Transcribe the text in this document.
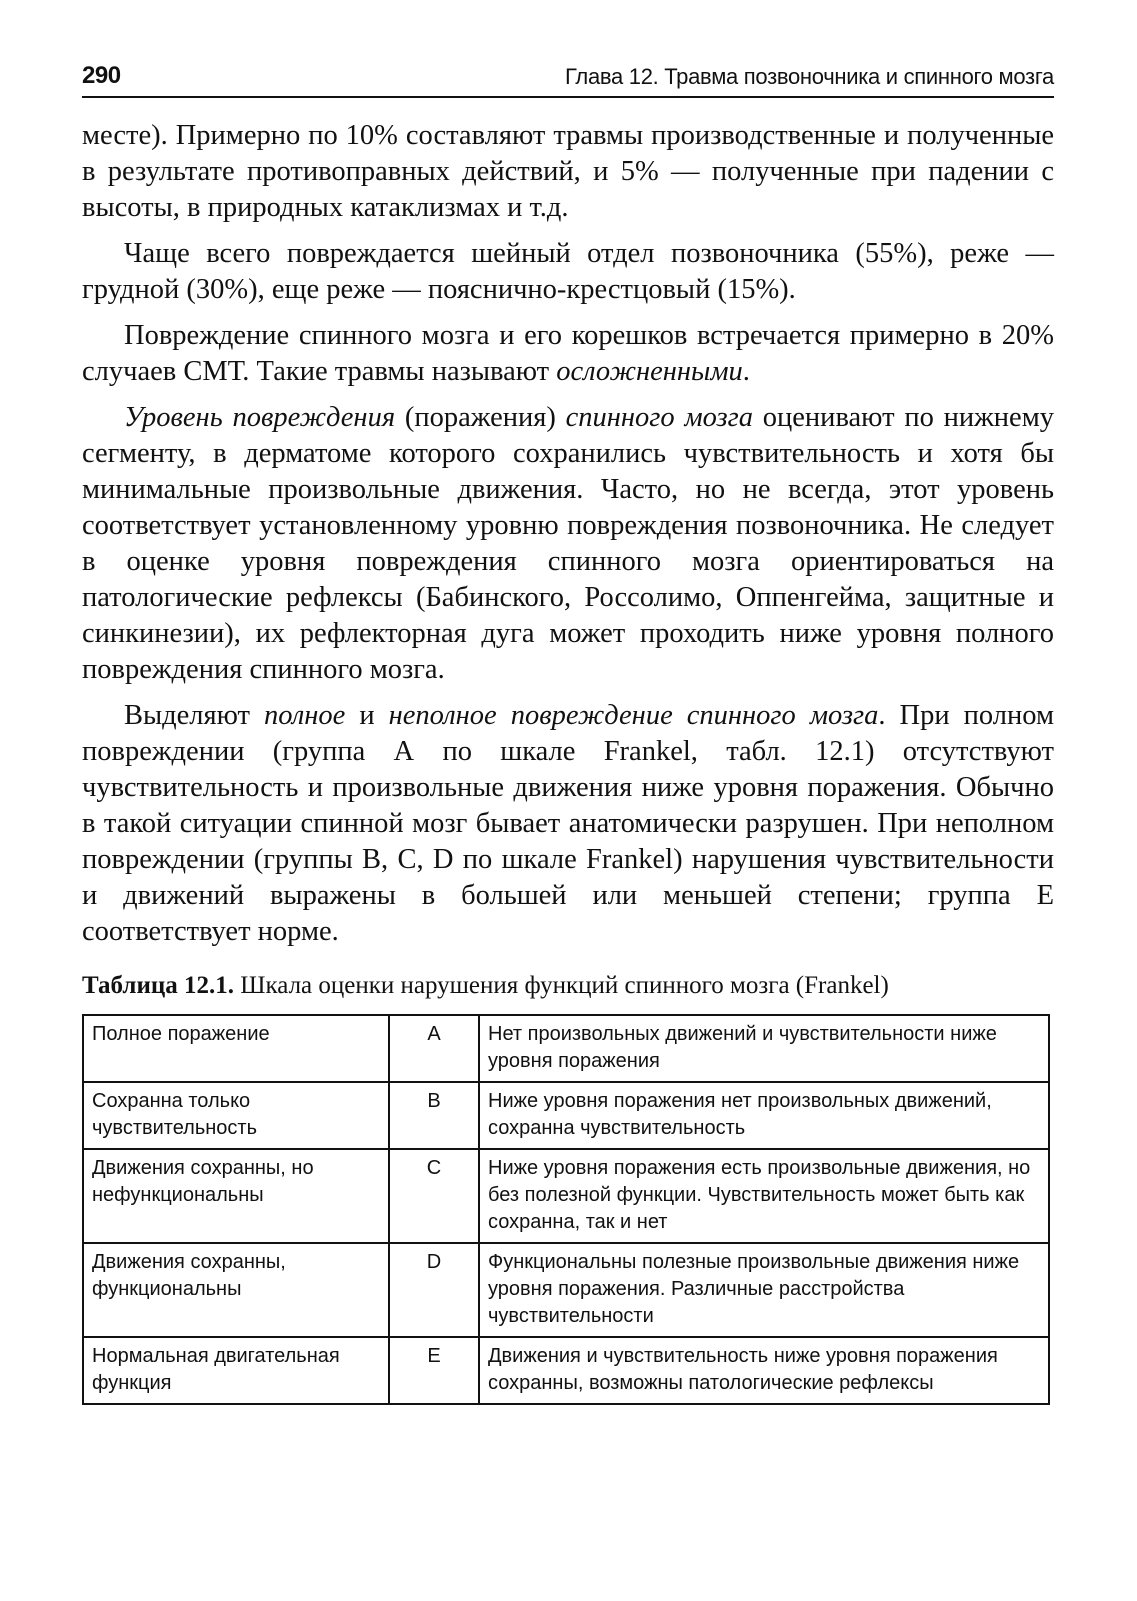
290	Глава 12. Травма позвоночника и спинного мозга

месте). Примерно по 10% составляют травмы производственные и полученные в результате противоправных действий, и 5% — полученные при падении с высоты, в природных катаклизмах и т.д.

Чаще всего повреждается шейный отдел позвоночника (55%), реже — грудной (30%), еще реже — пояснично-крестцовый (15%).

Повреждение спинного мозга и его корешков встречается примерно в 20% случаев СМТ. Такие травмы называют осложненными.

Уровень повреждения (поражения) спинного мозга оценивают по нижнему сегменту, в дерматоме которого сохранились чувствительность и хотя бы минимальные произвольные движения. Часто, но не всегда, этот уровень соответствует установленному уровню повреждения позвоночника. Не следует в оценке уровня повреждения спинного мозга ориентироваться на патологические рефлексы (Бабинского, Россолимо, Оппенгейма, защитные и синкинезии), их рефлекторная дуга может проходить ниже уровня полного повреждения спинного мозга.

Выделяют полное и неполное повреждение спинного мозга. При полном повреждении (группа А по шкале Frankel, табл. 12.1) отсутствуют чувствительность и произвольные движения ниже уровня поражения. Обычно в такой ситуации спинной мозг бывает анатомически разрушен. При неполном повреждении (группы В, С, D по шкале Frankel) нарушения чувствительности и движений выражены в большей или меньшей степени; группа Е соответствует норме.

Таблица 12.1. Шкала оценки нарушения функций спинного мозга (Frankel)
Полное поражение	А	Нет произвольных движений и чувствительности ниже уровня поражения
Сохранна только чувствительность	В	Ниже уровня поражения нет произвольных движений, сохранна чувствительность
Движения сохранны, но нефункциональны	С	Ниже уровня поражения есть произвольные движения, но без полезной функции. Чувствительность может быть как сохранна, так и нет
Движения сохранны, функциональны	D	Функциональны полезные произвольные движения ниже уровня поражения. Различные расстройства чувствительности
Нормальная двигательная функция	Е	Движения и чувствительность ниже уровня поражения сохранны, возможны патологические рефлексы
